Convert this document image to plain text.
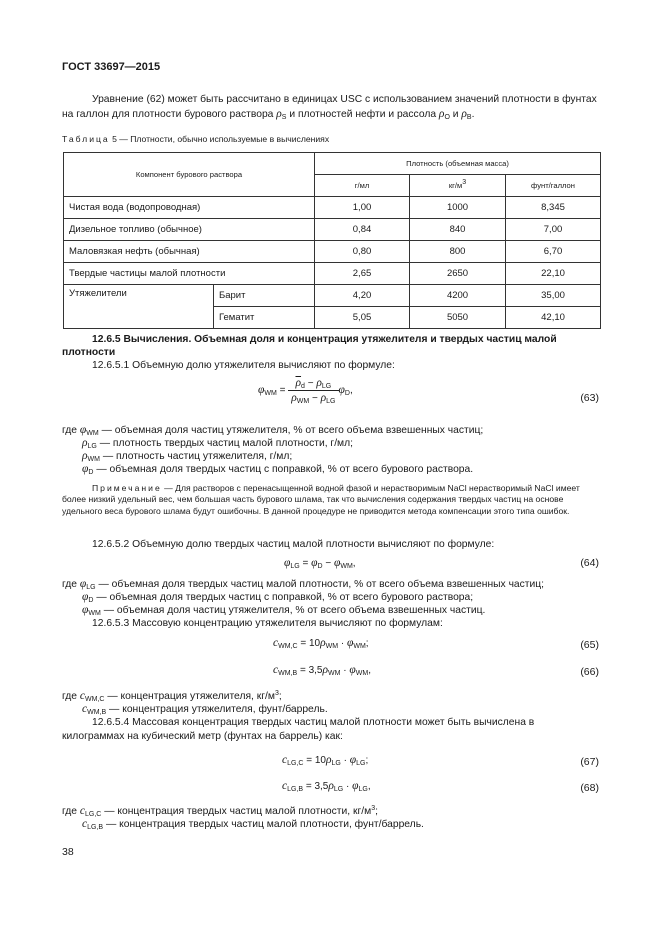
ГОСТ 33697—2015
Уравнение (62) может быть рассчитано в единицах USC с использованием значений плотности в фунтах на галлон для плотности бурового раствора $\rho_S$ и плотностей нефти и рассола $\rho_O$ и $\rho_B$.
Таблица 5 — Плотности, обычно используемые в вычислениях
Компонент бурового раствора		Плотность (объемная масса)		
		г/мл	$кг/м^3$	фунт/галлон
Чистая вода (водопроводная)		1,00	1000	8,345
Дизельное топливо (обычное)		0,84	840	7,00
Маловязкая нефть (обычная)		0,80	800	6,70
Твердые частицы малой плотности		2,65	2650	22,10
Утяжелители	Барит	4,20	4200	35,00
	Гематит	5,05	5050	42,10
12.6.5 Вычисления. Объемная доля и концентрация утяжелителя и твердых частиц малой плотности
12.6.5.1 Объемную долю утяжелителя вычисляют по формуле:
$\varphi_{WM} = \frac{\overline{\rho}_d - \rho_{LG}}{\rho_{WM} - \rho_{LG}} \varphi_D$,
(63)
где $\varphi_{WM}$ — объемная доля частиц утяжелителя, % от всего объема взвешенных частиц;
$\rho_{LG}$ — плотность твердых частиц малой плотности, г/мл;
$\rho_{WM}$ — плотность частиц утяжелителя, г/мл;
$\varphi_D$ — объемная доля твердых частиц с поправкой, % от всего бурового раствора.
Примечание — Для растворов с перенасыщенной водной фазой и нерастворимым NaCl нерастворимый NaCl имеет более низкий удельный вес, чем большая часть бурового шлама, так что вычисления содержания твердых частиц на основе удельного веса бурового шлама будут ошибочны. В данной процедуре не приводится метода компенсации этого типа ошибок.
12.6.5.2 Объемную долю твердых частиц малой плотности вычисляют по формуле:
$\varphi_{LG} = \varphi_D - \varphi_{WM}$,	(64)
где $\varphi_{LG}$ — объемная доля твердых частиц малой плотности, % от всего объема взвешенных частиц;
$\varphi_D$ — объемная доля твердых частиц с поправкой, % от всего бурового раствора;
$\varphi_{WM}$ — объемная доля частиц утяжелителя, % от всего объема взвешенных частиц.
12.6.5.3 Массовую концентрацию утяжелителя вычисляют по формулам:
$c_{WM,C} = 10\rho_{WM} \cdot \varphi_{WM}$;	(65)
$c_{WM,B} = 3,5\rho_{WM} \cdot \varphi_{WM}$,	(66)
где $c_{WM,C}$ — концентрация утяжелителя, $кг/м^3$;
$c_{WM,B}$ — концентрация утяжелителя, фунт/баррель.
12.6.5.4 Массовая концентрация твердых частиц малой плотности может быть вычислена в килограммах на кубический метр (фунтах на баррель) как:
$c_{LG,C} = 10\rho_{LG} \cdot \varphi_{LG}$;	(67)
$c_{LG,B} = 3,5\rho_{LG} \cdot \varphi_{LG}$,	(68)
где $c_{LG,C}$ — концентрация твердых частиц малой плотности, $кг/м^3$;
$c_{LG,B}$ — концентрация твердых частиц малой плотности, фунт/баррель.
38
